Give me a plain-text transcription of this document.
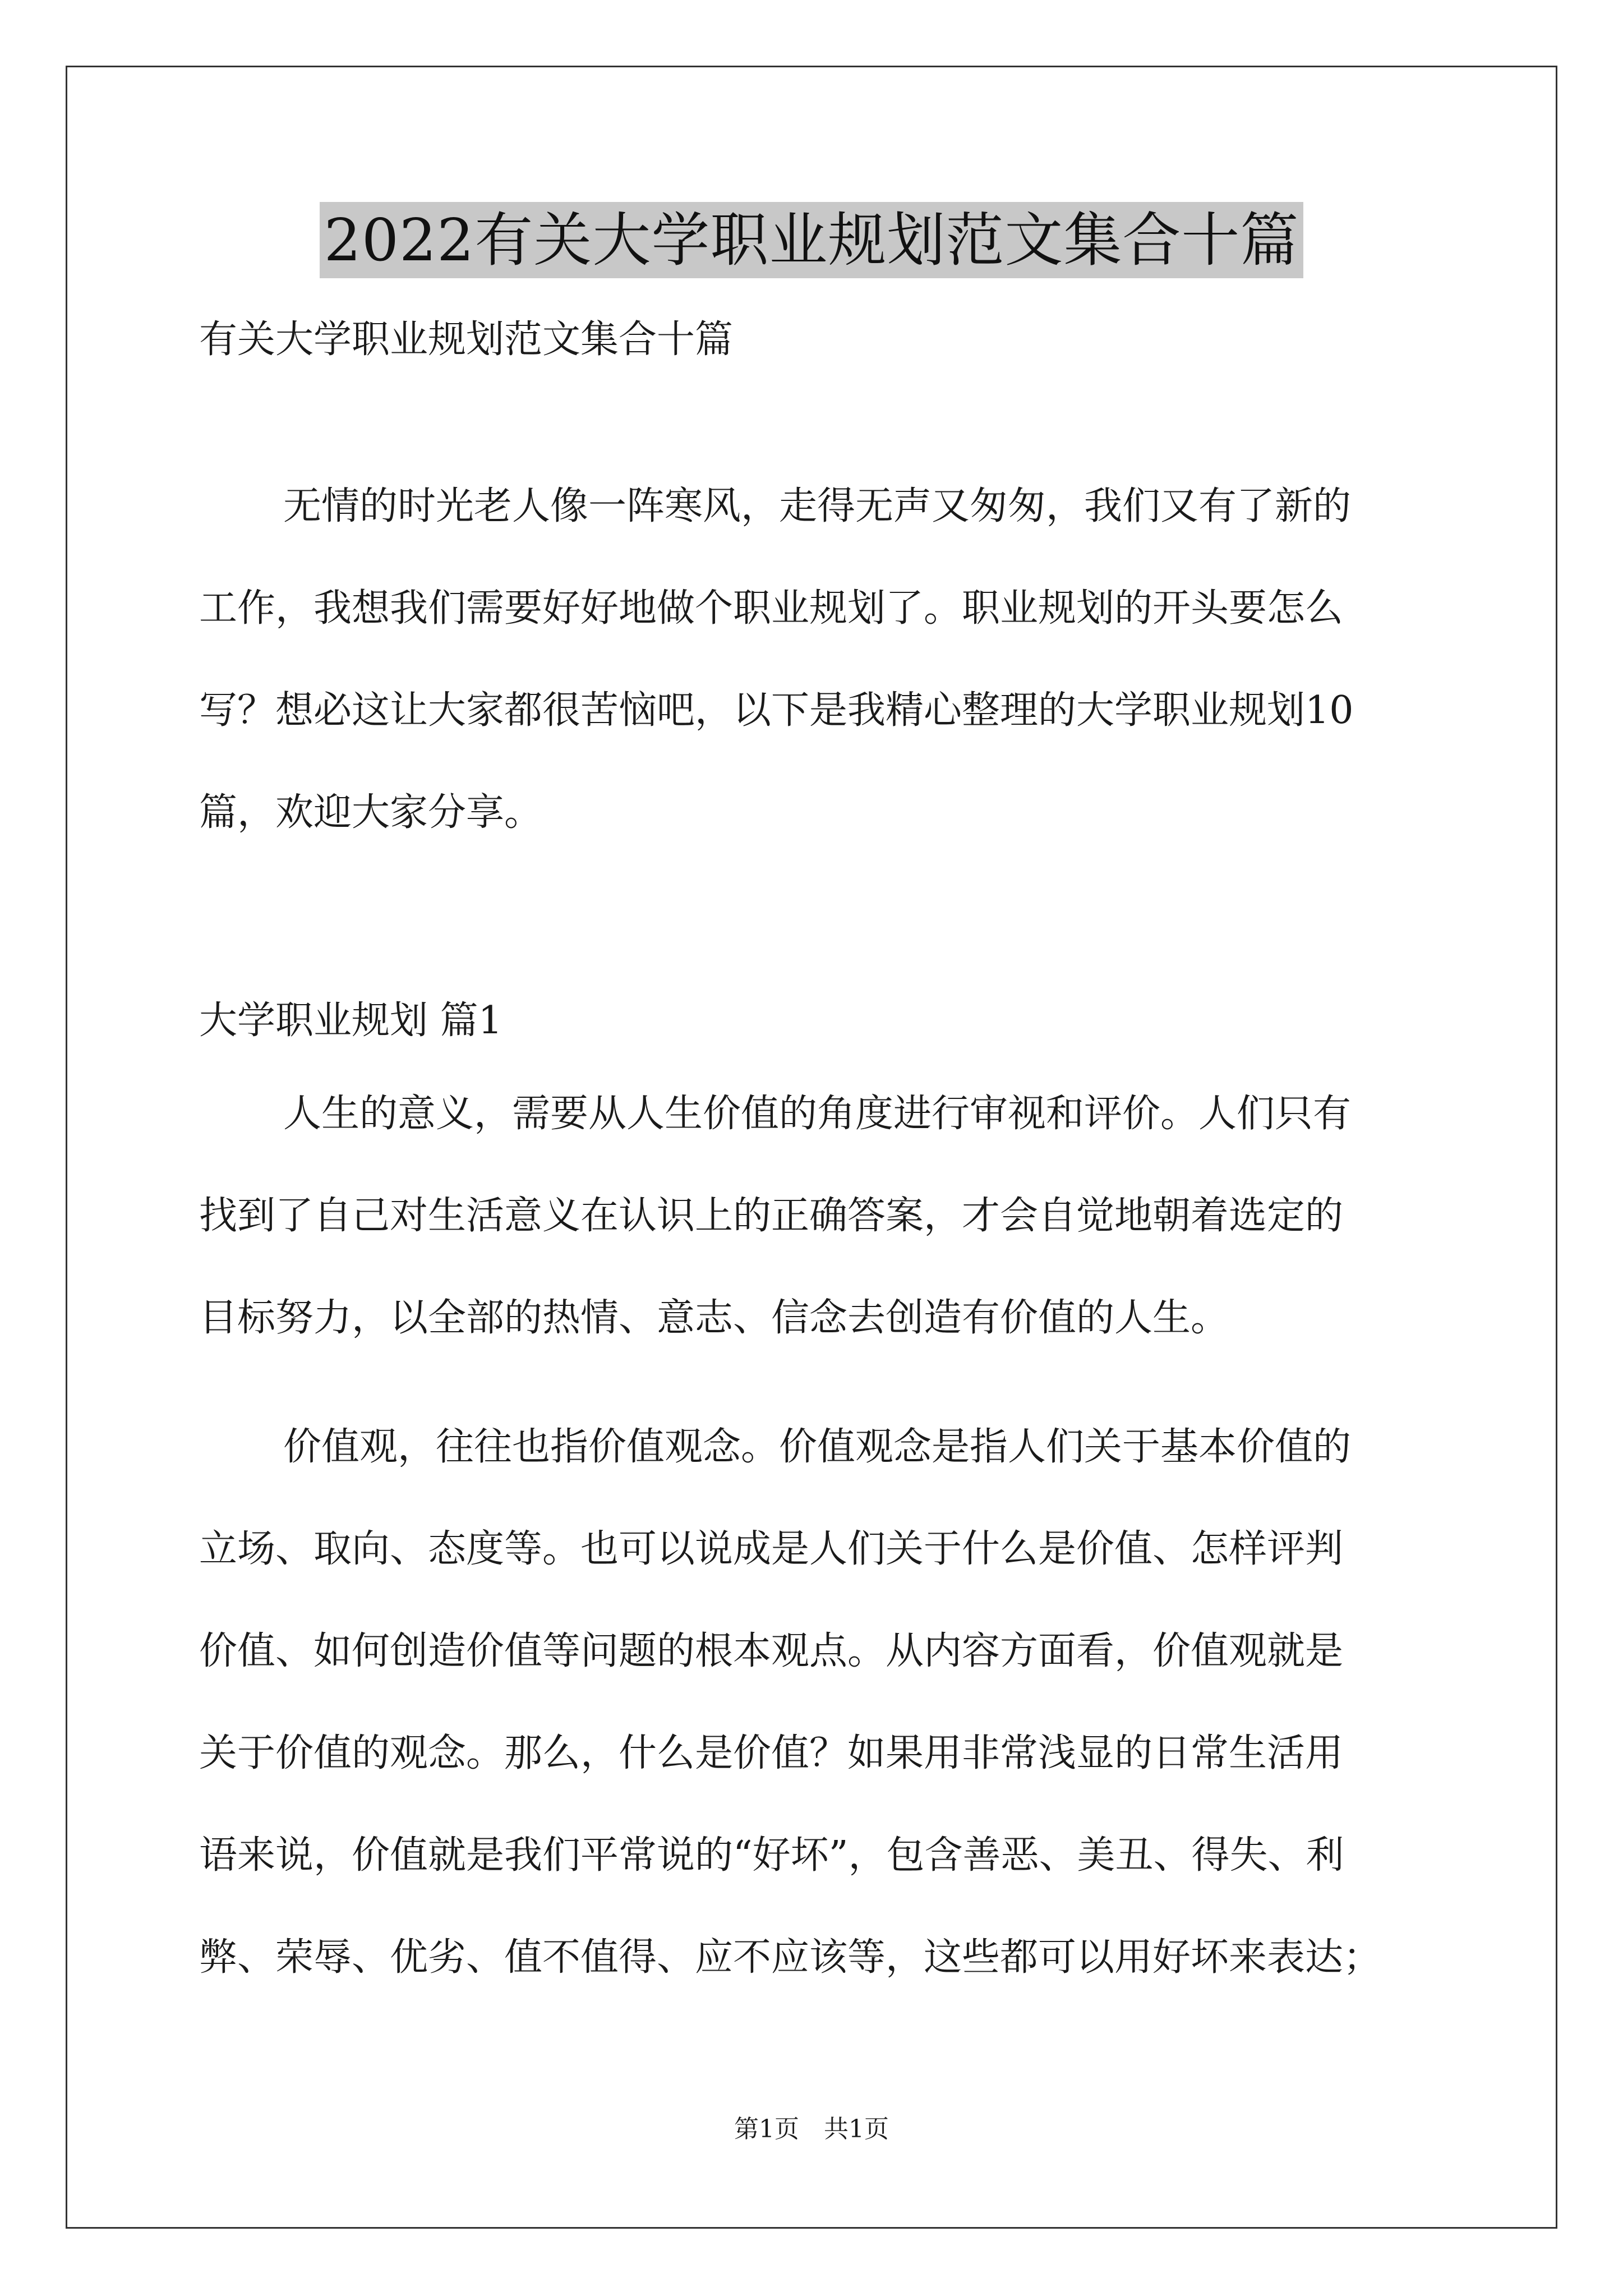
2022有关大学职业规划范文集合十篇

有关大学职业规划范文集合十篇

无情的时光老人像一阵寒风，走得无声又匆匆，我们又有了新的
工作，我想我们需要好好地做个职业规划了。职业规划的开头要怎么
写？想必这让大家都很苦恼吧，以下是我精心整理的大学职业规划10
篇，欢迎大家分享。

大学职业规划 篇1

人生的意义，需要从人生价值的角度进行审视和评价。人们只有
找到了自己对生活意义在认识上的正确答案，才会自觉地朝着选定的
目标努力，以全部的热情、意志、信念去创造有价值的人生。
价值观，往往也指价值观念。价值观念是指人们关于基本价值的
立场、取向、态度等。也可以说成是人们关于什么是价值、怎样评判
价值、如何创造价值等问题的根本观点。从内容方面看，价值观就是
关于价值的观念。那么，什么是价值？如果用非常浅显的日常生活用
语来说，价值就是我们平常说的“好坏”，包含善恶、美丑、得失、利
弊、荣辱、优劣、值不值得、应不应该等，这些都可以用好坏来表达；
第1页　共1页
